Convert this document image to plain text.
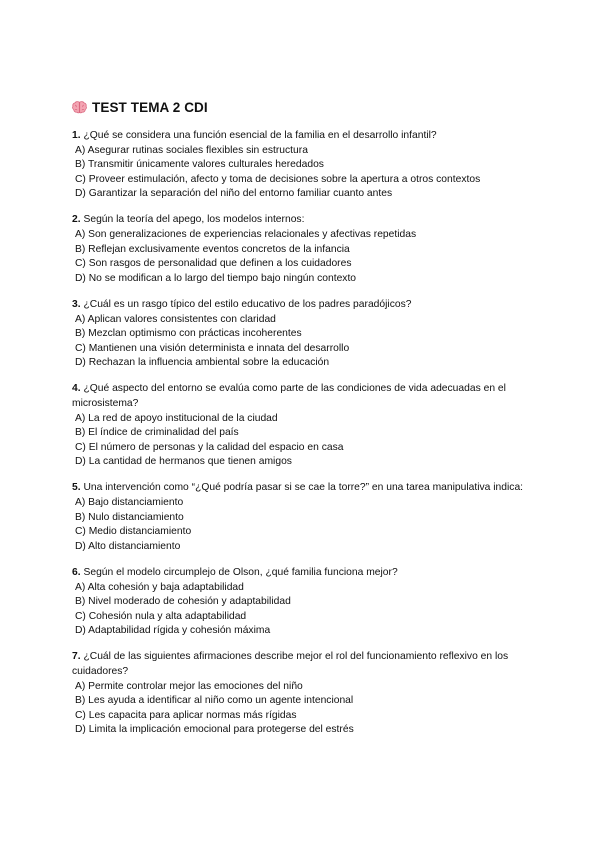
TEST TEMA 2 CDI

1. ¿Qué se considera una función esencial de la familia en el desarrollo infantil?

A) Asegurar rutinas sociales flexibles sin estructura

B) Transmitir únicamente valores culturales heredados

C) Proveer estimulación, afecto y toma de decisiones sobre la apertura a otros contextos

D) Garantizar la separación del niño del entorno familiar cuanto antes

2. Según la teoría del apego, los modelos internos:

A) Son generalizaciones de experiencias relacionales y afectivas repetidas

B) Reflejan exclusivamente eventos concretos de la infancia

C) Son rasgos de personalidad que definen a los cuidadores

D) No se modifican a lo largo del tiempo bajo ningún contexto

3. ¿Cuál es un rasgo típico del estilo educativo de los padres paradójicos?

A) Aplican valores consistentes con claridad

B) Mezclan optimismo con prácticas incoherentes

C) Mantienen una visión determinista e innata del desarrollo

D) Rechazan la influencia ambiental sobre la educación

4. ¿Qué aspecto del entorno se evalúa como parte de las condiciones de vida adecuadas en el microsistema?

A) La red de apoyo institucional de la ciudad

B) El índice de criminalidad del país

C) El número de personas y la calidad del espacio en casa

D) La cantidad de hermanos que tienen amigos

5. Una intervención como “¿Qué podría pasar si se cae la torre?” en una tarea manipulativa indica:

A) Bajo distanciamiento

B) Nulo distanciamiento

C) Medio distanciamiento

D) Alto distanciamiento

6. Según el modelo circumplejo de Olson, ¿qué familia funciona mejor?

A) Alta cohesión y baja adaptabilidad

B) Nivel moderado de cohesión y adaptabilidad

C) Cohesión nula y alta adaptabilidad

D) Adaptabilidad rígida y cohesión máxima

7. ¿Cuál de las siguientes afirmaciones describe mejor el rol del funcionamiento reflexivo en los cuidadores?

A) Permite controlar mejor las emociones del niño

B) Les ayuda a identificar al niño como un agente intencional

C) Les capacita para aplicar normas más rígidas

D) Limita la implicación emocional para protegerse del estrés
